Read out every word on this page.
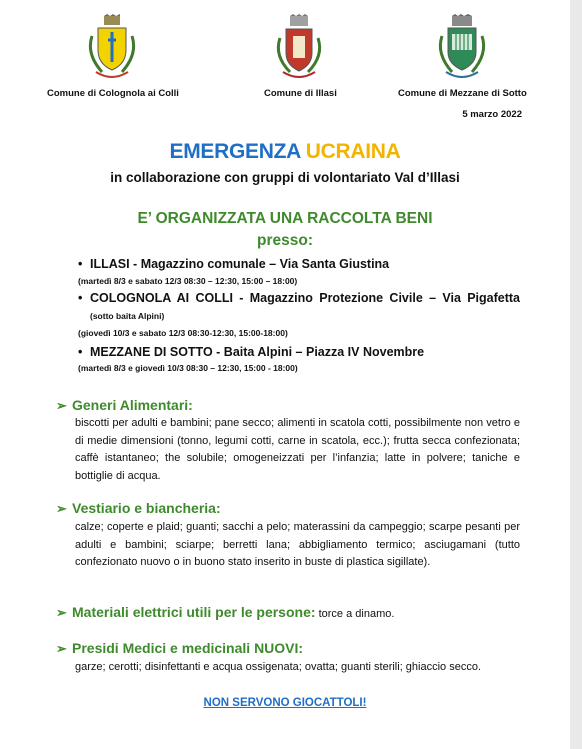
Comune di Colognola ai Colli	Comune di Illasi	Comune di Mezzane di Sotto
5 marzo 2022
EMERGENZA UCRAINA
in collaborazione con gruppi di volontariato Val d’Illasi
E’ ORGANIZZATA UNA RACCOLTA BENI
presso:
• ILLASI - Magazzino comunale – Via Santa Giustina
(martedì 8/3 e sabato 12/3 08:30 – 12:30, 15:00 – 18:00)
• COLOGNOLA AI COLLI - Magazzino Protezione Civile – Via Pigafetta (sotto baita Alpini)
(giovedì 10/3 e sabato 12/3 08:30-12:30, 15:00-18:00)
• MEZZANE DI SOTTO - Baita Alpini – Piazza IV Novembre
(martedì 8/3 e giovedì 10/3 08:30 – 12:30, 15:00 - 18:00)
➢ Generi Alimentari:
biscotti per adulti e bambini; pane secco; alimenti in scatola cotti, possibilmente non vetro e di medie dimensioni (tonno, legumi cotti, carne in scatola, ecc.); frutta secca confezionata; caffè istantaneo; the solubile; omogeneizzati per l’infanzia; latte in polvere; taniche e bottiglie di acqua.
➢ Vestiario e biancheria:
calze; coperte e plaid; guanti; sacchi a pelo; materassini da campeggio; scarpe pesanti per adulti e bambini; sciarpe; berretti lana; abbigliamento termico; asciugamani (tutto confezionato nuovo o in buono stato inserito in buste di plastica sigillate).
➢ Materiali elettrici utili per le persone: torce a dinamo.
➢ Presidi Medici e medicinali NUOVI:
garze; cerotti; disinfettanti e acqua ossigenata; ovatta; guanti sterili; ghiaccio secco.
NON SERVONO GIOCATTOLI!
